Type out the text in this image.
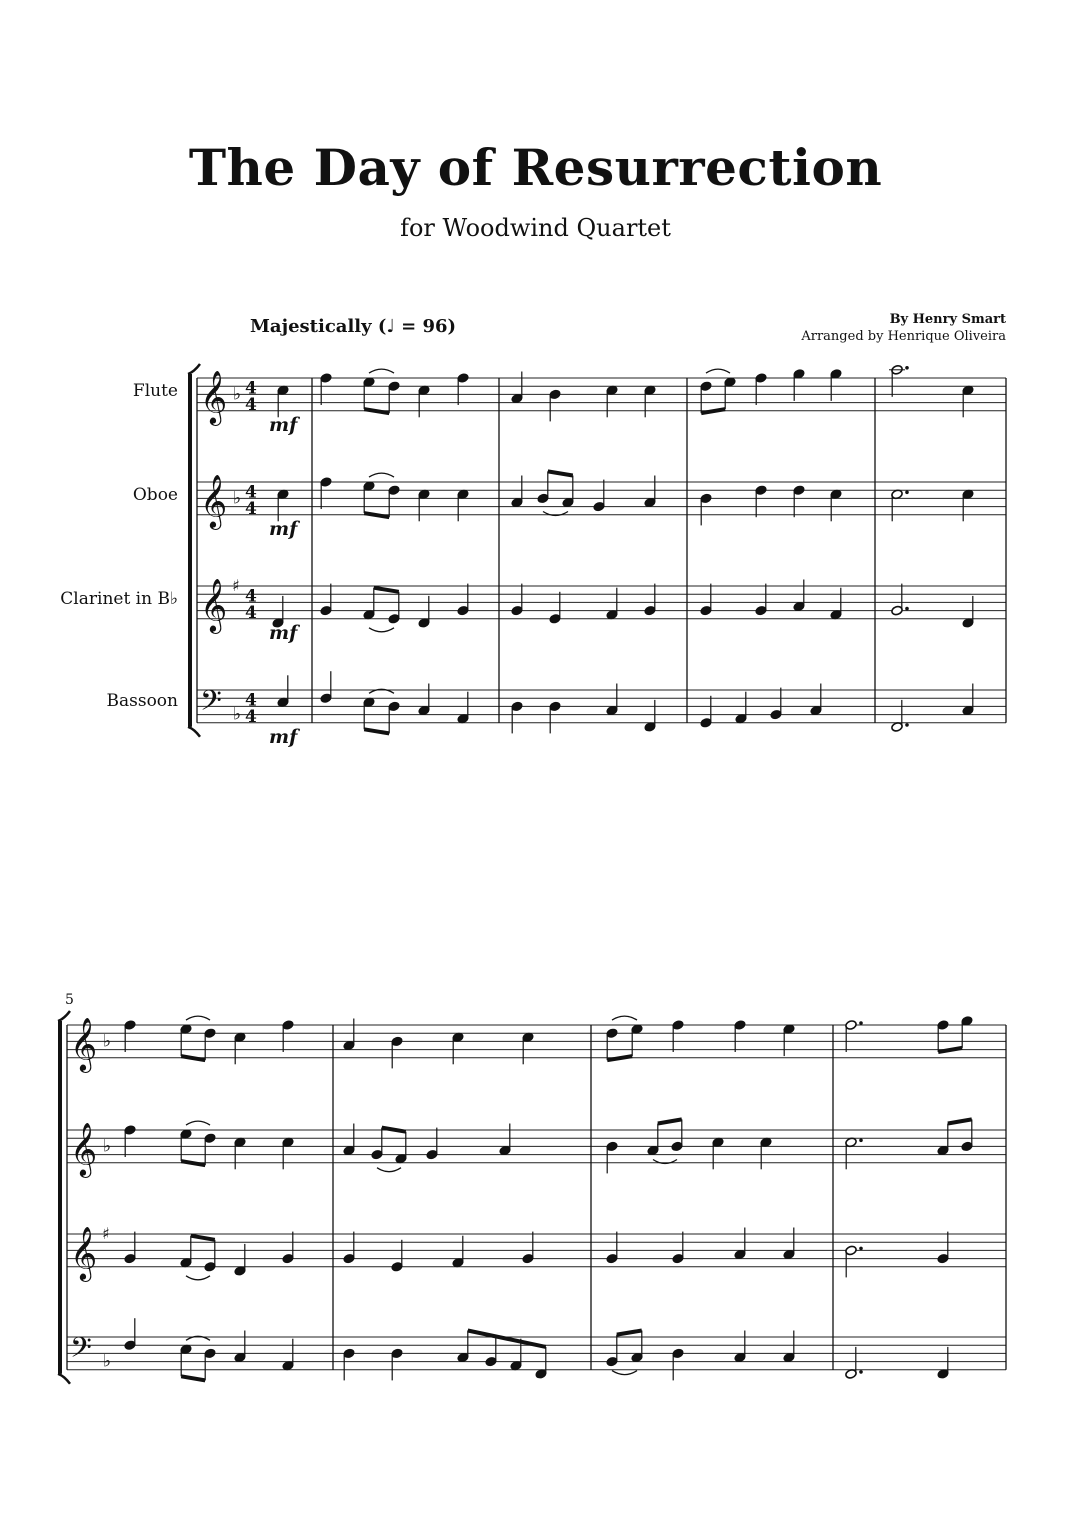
The Day of Resurrection
for Woodwind Quartet
Majestically (♩ = 96)	By Henry Smart
Arranged by Henrique Oliveira
Flute
Oboe
Clarinet in B♭
Bassoon
5
𝄞 ♭ 4
4
𝄞 ♭ 4
4
𝄞 ♯
4
4
𝄢 ♭
4
4
mf
mf
mf
mf
𝄞 ♭
𝄞 ♭
𝄞 ♯
𝄢 ♭
